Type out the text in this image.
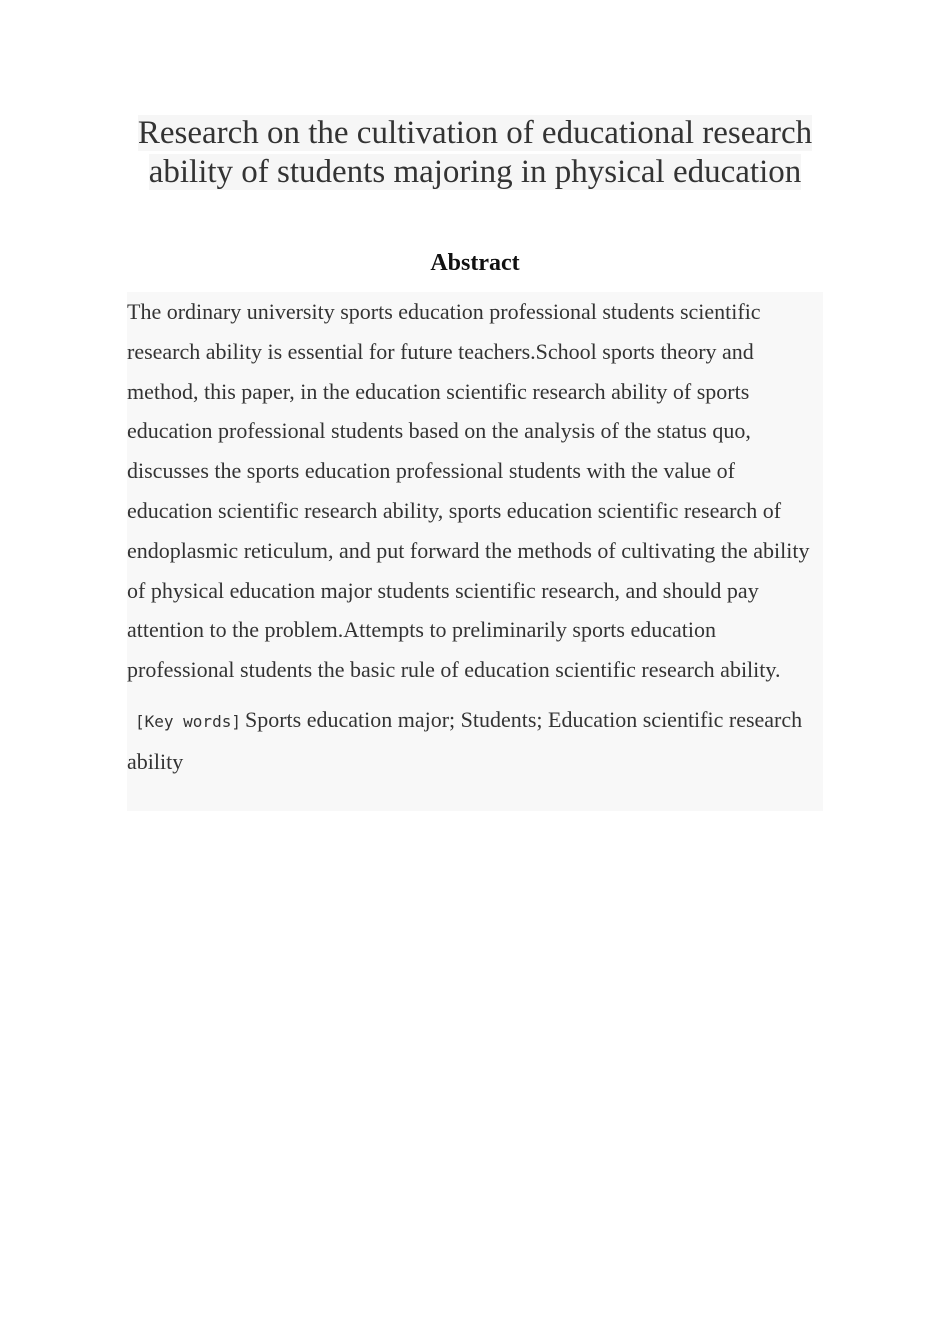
Research on the cultivation of educational research ability of students majoring in physical education
Abstract

The ordinary university sports education professional students scientific research ability is essential for future teachers.School sports theory and method, this paper, in the education scientific research ability of sports education professional students based on the analysis of the status quo, discusses the sports education professional students with the value of education scientific research ability, sports education scientific research of endoplasmic reticulum, and put forward the methods of cultivating the ability of physical education major students scientific research, and should pay attention to the problem.Attempts to preliminarily sports education professional students the basic rule of education scientific research ability.

[Key words] Sports education major; Students; Education scientific research ability
